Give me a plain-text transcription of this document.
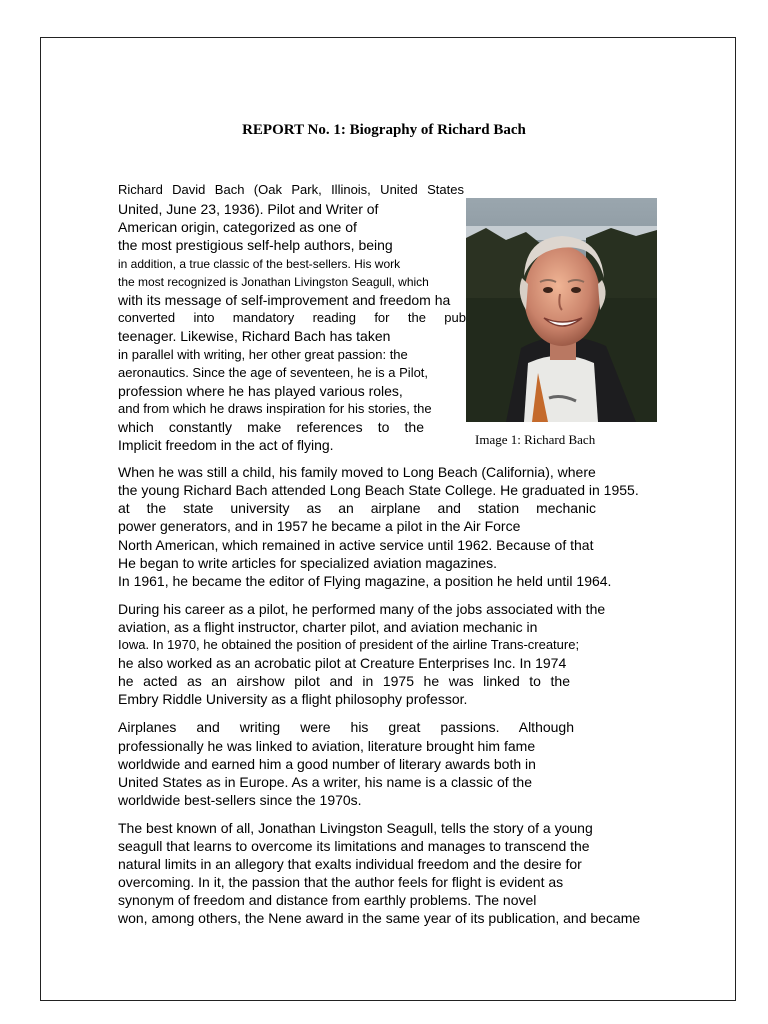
REPORT No. 1: Biography of Richard Bach
Richard David Bach (Oak Park, Illinois, United States
United, June 23, 1936). Pilot and Writer of
American origin, categorized as one of
the most prestigious self-help authors, being
in addition, a true classic of the best-sellers. His work
the most recognized is Jonathan Livingston Seagull, which
with its message of self-improvement and freedom ha
converted into mandatory reading for the pub
teenager. Likewise, Richard Bach has taken
in parallel with writing, her other great passion: the
aeronautics. Since the age of seventeen, he is a Pilot,
profession where he has played various roles,
and from which he draws inspiration for his stories, the
which constantly make references to the
Implicit freedom in the act of flying.	Image 1: Richard Bach
When he was still a child, his family moved to Long Beach (California), where
the young Richard Bach attended Long Beach State College. He graduated in 1955.
at the state university as an airplane and station mechanic
power generators, and in 1957 he became a pilot in the Air Force
North American, which remained in active service until 1962. Because of that
He began to write articles for specialized aviation magazines.
In 1961, he became the editor of Flying magazine, a position he held until 1964.
During his career as a pilot, he performed many of the jobs associated with the
aviation, as a flight instructor, charter pilot, and aviation mechanic in
Iowa. In 1970, he obtained the position of president of the airline Trans-creature;
he also worked as an acrobatic pilot at Creature Enterprises Inc. In 1974
he acted as an airshow pilot and in 1975 he was linked to the
Embry Riddle University as a flight philosophy professor.
Airplanes and writing were his great passions. Although
professionally he was linked to aviation, literature brought him fame
worldwide and earned him a good number of literary awards both in
United States as in Europe. As a writer, his name is a classic of the
worldwide best-sellers since the 1970s.
The best known of all, Jonathan Livingston Seagull, tells the story of a young
seagull that learns to overcome its limitations and manages to transcend the
natural limits in an allegory that exalts individual freedom and the desire for
overcoming. In it, the passion that the author feels for flight is evident as
synonym of freedom and distance from earthly problems. The novel
won, among others, the Nene award in the same year of its publication, and became
